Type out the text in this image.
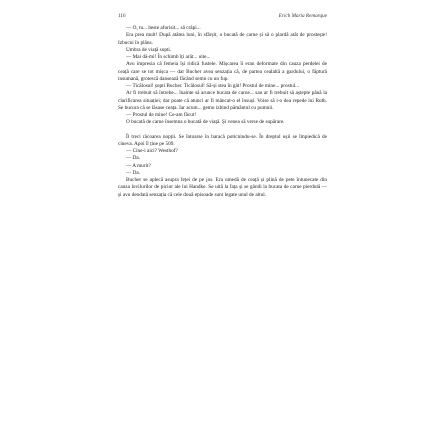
116	Erich Maria Remarque

— O, tu... beste afurisit... să crăpi...

Era prea mult! După atâtea luni, în sfârșit, o bucată de carne și să o plardă atât de prostește! Izbucni în plâns.

Umbra de viață sopti.

— Mai dă-mi! În schimb îți arăt... uite...

Avu impresia că femeia își ridică fustele. Mișcarea îi eran deformate din cauza perdelei de ceață care se tot mișca — dar Bucher avea senzația că, de partea cealaltă a gardului, o făptură insumană, grotescă dansează făcând semn cu un fup.

— Ticălosul! șopti Bucher. Ticălosul! Să-și stea în gât! Prostul de mine... prostul...

Ar fi trebuit să întrebe... înainte să arunce bucata de carne... sau ar fi trebuit să aștepte până la clarificarea situației; dar poate că atunci ar fi mâncat-o el însuși. Voise să i-o dea repede lui Ruth. Se bucura că se lăsase ceața. Iar acum... gemu izbind pământul cu pumnii.

— Prostul de mine! Ce-am făcut!

O bucată de carne însemna o bucată de viață. Și venea să verse de supărare.

Îl treci răcoarea nopții. Se întoarse în baracă poticnindu-se. În dreptul ușii se împiedică de cineva. Apoi îl ține pe 509.

— Cine-i aici? Westhof?

— Da.

— A murit?

— Da.

Bucher se aplecă asupra feței de pe jos. Era umedă de ceață și plină de pete întunecate din cauza lovilurilor de picior ale lui Handke. Se uită la fața și se gândi la bucata de carne pierdută — și avu deodată senzația că cele două episoade sunt legate unul de altul.
